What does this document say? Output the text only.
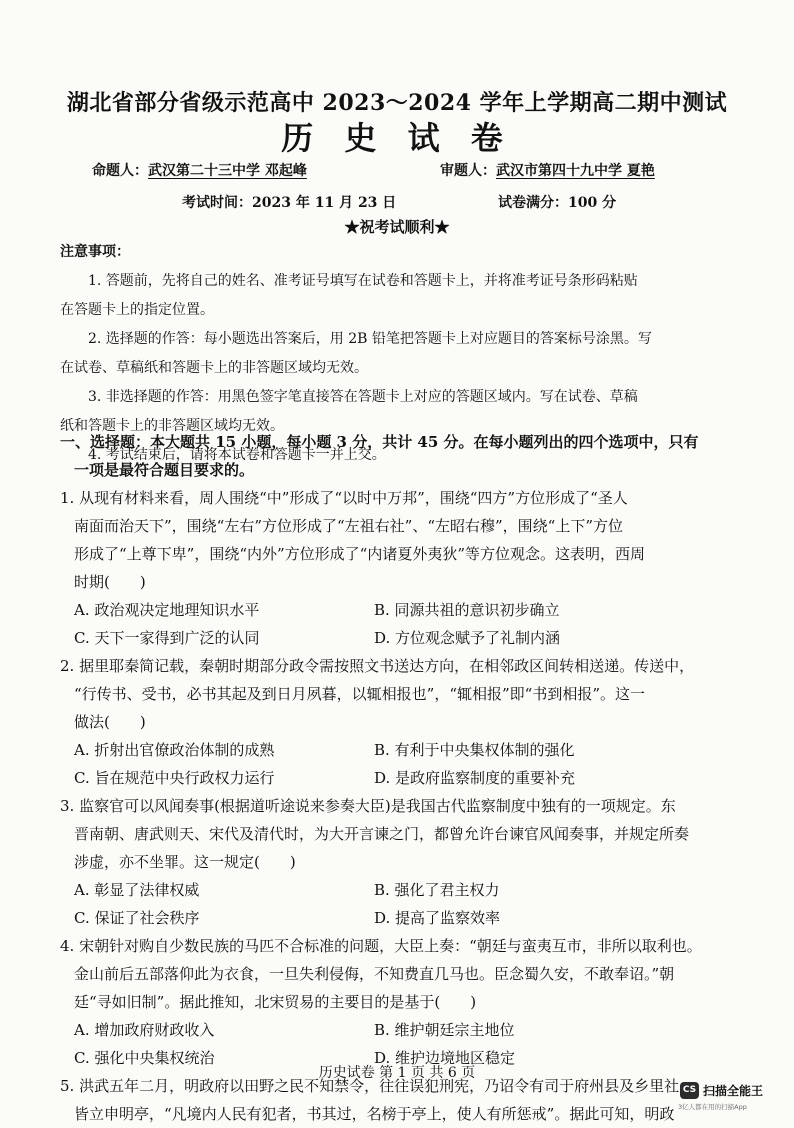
湖北省部分省级示范高中 2023～2024 学年上学期高二期中测试
历 史 试 卷
命题人：武汉第二十三中学 邓起峰	审题人：武汉市第四十九中学 夏艳
考试时间：2023 年 11 月 23 日	试卷满分：100 分
★祝考试顺利★

注意事项：

1. 答题前，先将自己的姓名、准考证号填写在试卷和答题卡上，并将准考证号条形码粘贴

在答题卡上的指定位置。

2. 选择题的作答：每小题选出答案后，用 2B 铅笔把答题卡上对应题目的答案标号涂黑。写

在试卷、草稿纸和答题卡上的非答题区域均无效。

3. 非选择题的作答：用黑色签字笔直接答在答题卡上对应的答题区域内。写在试卷、草稿

纸和答题卡上的非答题区域均无效。

4. 考试结束后，请将本试卷和答题卡一并上交。

一、选择题：本大题共 15 小题，每小题 3 分，共计 45 分。在每小题列出的四个选项中，只有

一项是最符合题目要求的。

1. 从现有材料来看，周人围绕“中”形成了“以时中万邦”，围绕“四方”方位形成了“圣人

南面而治天下”，围绕“左右”方位形成了“左祖右社”、“左昭右穆”，围绕“上下”方位

形成了“上尊下卑”，围绕“内外”方位形成了“内诸夏外夷狄”等方位观念。这表明，西周

时期(　　)

A. 政治观决定地理知识水平	B. 同源共祖的意识初步确立
C. 天下一家得到广泛的认同	D. 方位观念赋予了礼制内涵

2. 据里耶秦简记载，秦朝时期部分政令需按照文书送达方向，在相邻政区间转相送递。传送中，

“行传书、受书，必书其起及到日月夙暮，以辄相报也”，“辄相报”即“书到相报”。这一

做法(　　)

A. 折射出官僚政治体制的成熟	B. 有利于中央集权体制的强化
C. 旨在规范中央行政权力运行	D. 是政府监察制度的重要补充

3. 监察官可以风闻奏事(根据道听途说来参奏大臣)是我国古代监察制度中独有的一项规定。东

晋南朝、唐武则天、宋代及清代时，为大开言谏之门，都曾允许台谏官风闻奏事，并规定所奏

涉虚，亦不坐罪。这一规定(　　)

A. 彰显了法律权威	B. 强化了君主权力
C. 保证了社会秩序	D. 提高了监察效率

4. 宋朝针对购自少数民族的马匹不合标准的问题，大臣上奏：“朝廷与蛮夷互市，非所以取利也。

金山前后五部落仰此为衣食，一旦失利侵侮，不知费直几马也。臣念蜀久安，不敢奉诏。”朝

廷“寻如旧制”。据此推知，北宋贸易的主要目的是基于(　　)

A. 增加政府财政收入	B. 维护朝廷宗主地位
C. 强化中央集权统治	D. 维护边境地区稳定

5. 洪武五年二月，明政府以田野之民不知禁令，往往误犯刑宪，乃诏令有司于府州县及乡里社

皆立申明亭，“凡境内人民有犯者，书其过，名榜于亭上，使人有所惩戒”。据此可知，明政

历史试卷 第 1 页 共 6 页
CS 扫描全能王
3亿人都在用的扫描App
